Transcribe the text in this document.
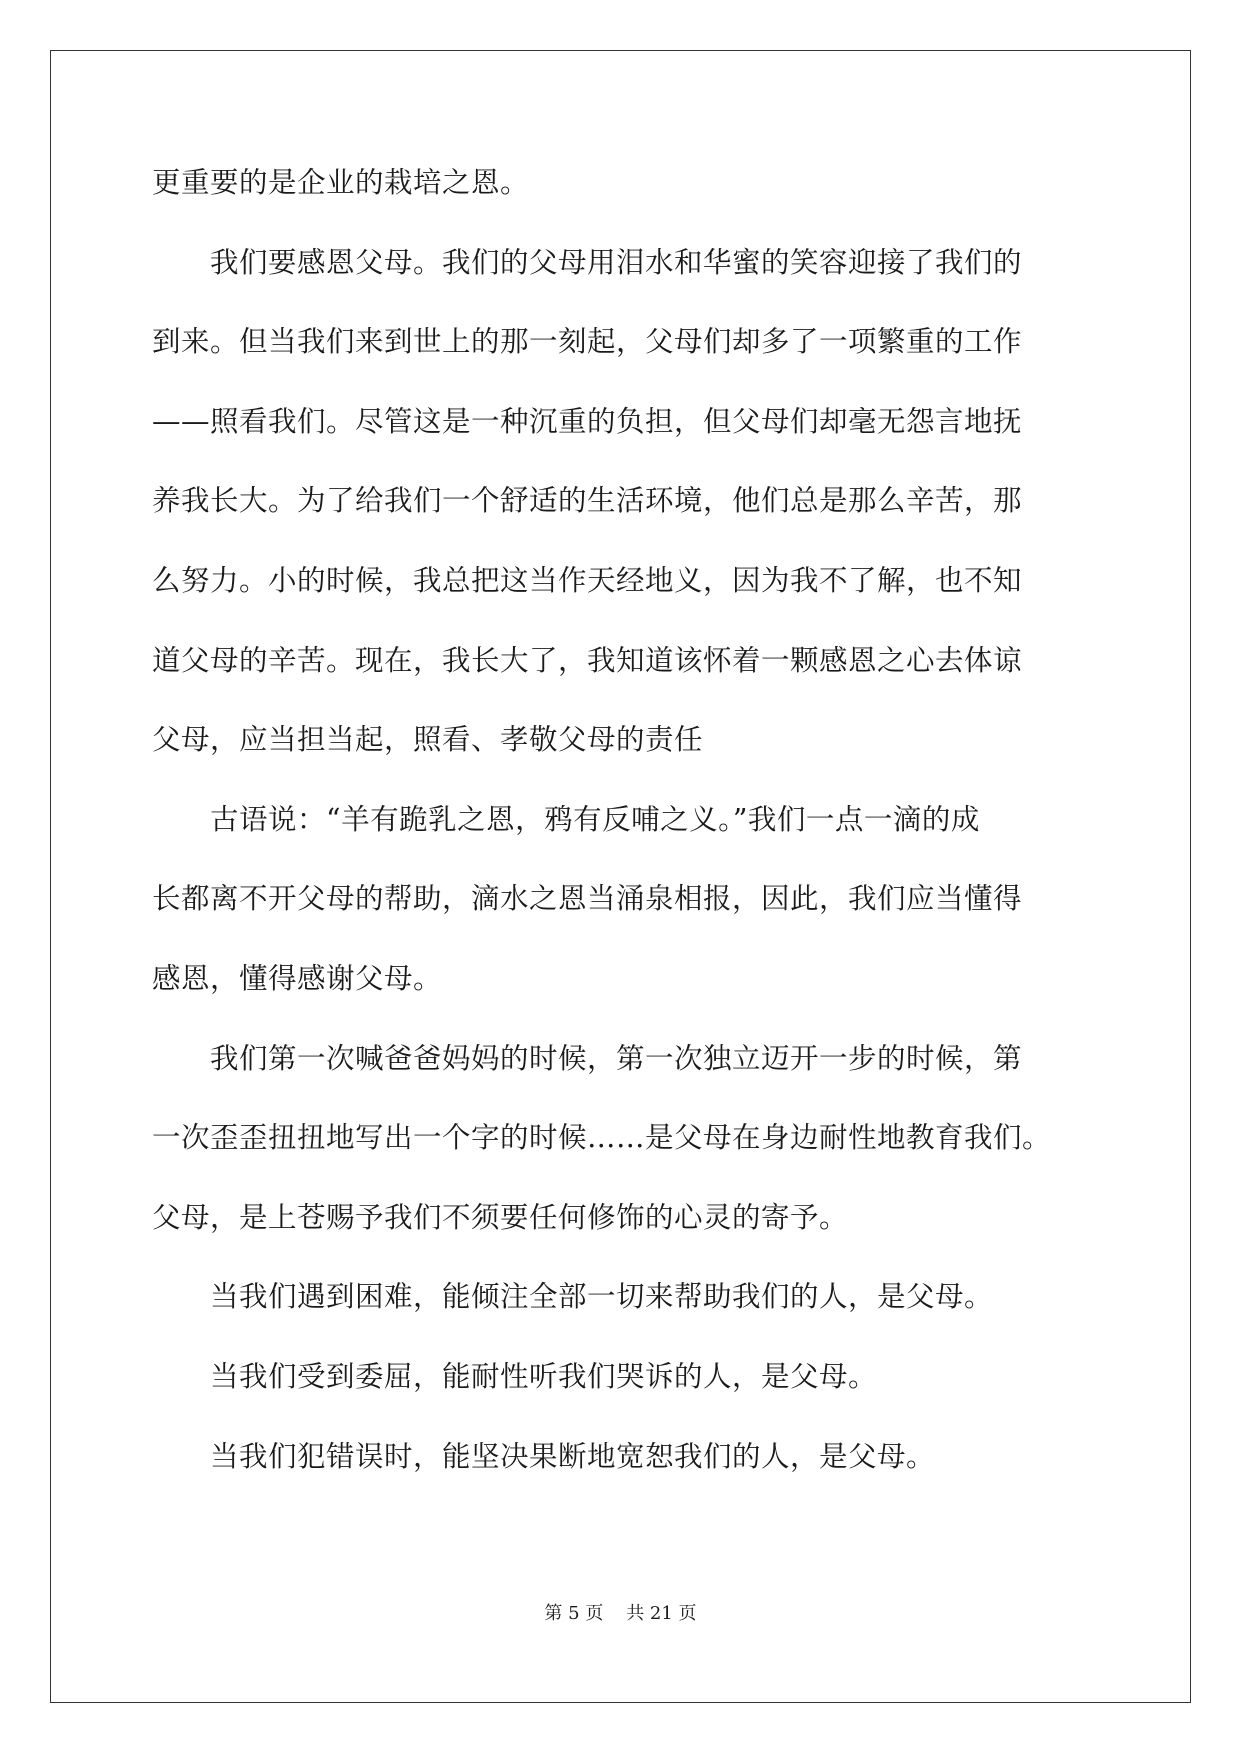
更重要的是企业的栽培之恩。
我们要感恩父母。我们的父母用泪水和华蜜的笑容迎接了我们的
到来。但当我们来到世上的那一刻起，父母们却多了一项繁重的工作
——照看我们。尽管这是一种沉重的负担，但父母们却毫无怨言地抚
养我长大。为了给我们一个舒适的生活环境，他们总是那么辛苦，那
么努力。小的时候，我总把这当作天经地义，因为我不了解，也不知
道父母的辛苦。现在，我长大了，我知道该怀着一颗感恩之心去体谅
父母，应当担当起，照看、孝敬父母的责任
古语说：“羊有跪乳之恩，鸦有反哺之义。”我们一点一滴的成
长都离不开父母的帮助，滴水之恩当涌泉相报，因此，我们应当懂得
感恩，懂得感谢父母。
我们第一次喊爸爸妈妈的时候，第一次独立迈开一步的时候，第
一次歪歪扭扭地写出一个字的时候……是父母在身边耐性地教育我们。
父母，是上苍赐予我们不须要任何修饰的心灵的寄予。
当我们遇到困难，能倾注全部一切来帮助我们的人，是父母。
当我们受到委屈，能耐性听我们哭诉的人，是父母。
当我们犯错误时，能坚决果断地宽恕我们的人，是父母。
第 5 页    共 21 页
